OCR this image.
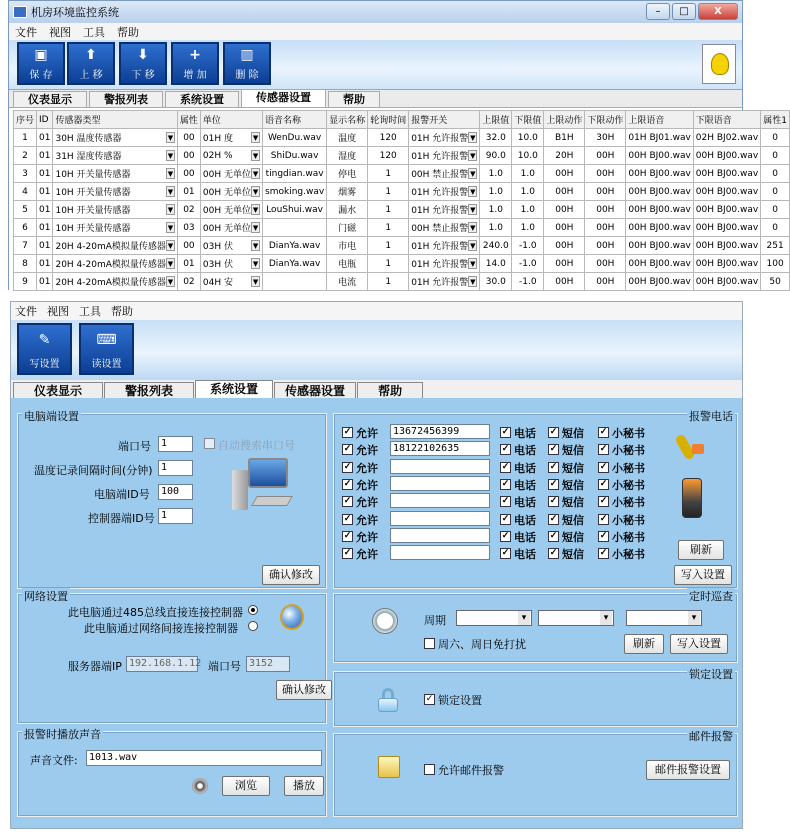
机房环境监控系统	–	□	X
文件 视图 工具 帮助
▣
保 存
⬆
上 移
⬇
下 移
+
增 加
▥
删 除
仪表显示	警报列表	系统设置	传感器设置	帮助
序号	ID	传感器类型	属性	单位	语音名称	显示名称	轮询时间	报警开关	上限值	下限值	上限动作	下限动作	上限语音	下限语音	属性1
1	01	30H 温度传感器 ▼	00	01H 度 ▼	WenDu.wav	温度	120	01H 允许报警 ▼	32.0	10.0	B1H	30H	01H BJ01.wav	02H BJ02.wav	0
2	01	31H 湿度传感器 ▼	00	02H % ▼	ShiDu.wav	湿度	120	01H 允许报警 ▼	90.0	10.0	20H	00H	00H BJ00.wav	00H BJ00.wav	0
3	01	10H 开关量传感器 ▼	00	00H 无单位 ▼	tingdian.wav	停电	1	00H 禁止报警 ▼	1.0	1.0	00H	00H	00H BJ00.wav	00H BJ00.wav	0
4	01	10H 开关量传感器 ▼	01	00H 无单位 ▼	smoking.wav	烟雾	1	01H 允许报警 ▼	1.0	1.0	00H	00H	00H BJ00.wav	00H BJ00.wav	0
5	01	10H 开关量传感器 ▼	02	00H 无单位 ▼	LouShui.wav	漏水	1	01H 允许报警 ▼	1.0	1.0	00H	00H	00H BJ00.wav	00H BJ00.wav	0
6	01	10H 开关量传感器 ▼	03	00H 无单位 ▼		门磁	1	00H 禁止报警 ▼	1.0	1.0	00H	00H	00H BJ00.wav	00H BJ00.wav	0
7	01	20H 4-20mA模拟量传感器 ▼	00	03H 伏 ▼	DianYa.wav	市电	1	01H 允许报警 ▼	240.0	-1.0	00H	00H	00H BJ00.wav	00H BJ00.wav	251
8	01	20H 4-20mA模拟量传感器 ▼	01	03H 伏 ▼	DianYa.wav	电瓶	1	01H 允许报警 ▼	14.0	-1.0	00H	00H	00H BJ00.wav	00H BJ00.wav	100
9	01	20H 4-20mA模拟量传感器 ▼	02	04H 安 ▼		电流	1	01H 允许报警 ▼	30.0	-1.0	00H	00H	00H BJ00.wav	00H BJ00.wav	50
文件 视图 工具 帮助
✎
写设置
⌨
读设置
仪表显示	警报列表	系统设置	传感器设置	帮助
电脑端设置
端口号	1	自动搜索串口号
温度记录间隔时间(分钟) 1
电脑端ID号	100
控制器端ID号 1
确认修改
网络设置
此电脑通过485总线直接连接控制器
此电脑通过网络间接连接控制器
服务器端IP 192.168.1.12 端口号 3152
确认修改
报警时播放声音
声音文件:	1013.wav
浏览	播放
报警电话
✓ 允许	13672456399	✓ 电话 ✓ 短信 ✓ 小秘书
✓ 允许	18122102635	✓ 电话 ✓ 短信 ✓ 小秘书
✓ 允许	✓ 电话 ✓ 短信 ✓ 小秘书
✓ 允许	✓ 电话 ✓ 短信 ✓ 小秘书
✓ 允许	✓ 电话 ✓ 短信 ✓ 小秘书
✓ 允许	✓ 电话 ✓ 短信 ✓ 小秘书
✓ 允许	✓ 电话 ✓ 短信 ✓ 小秘书
✓ 允许	✓ 电话 ✓ 短信 ✓ 小秘书	刷新
写入设置
定时巡查
周期
▾
▾
▾
周六、周日免打扰	刷新	写入设置
锁定设置
✓ 锁定设置
邮件报警
允许邮件报警	邮件报警设置
